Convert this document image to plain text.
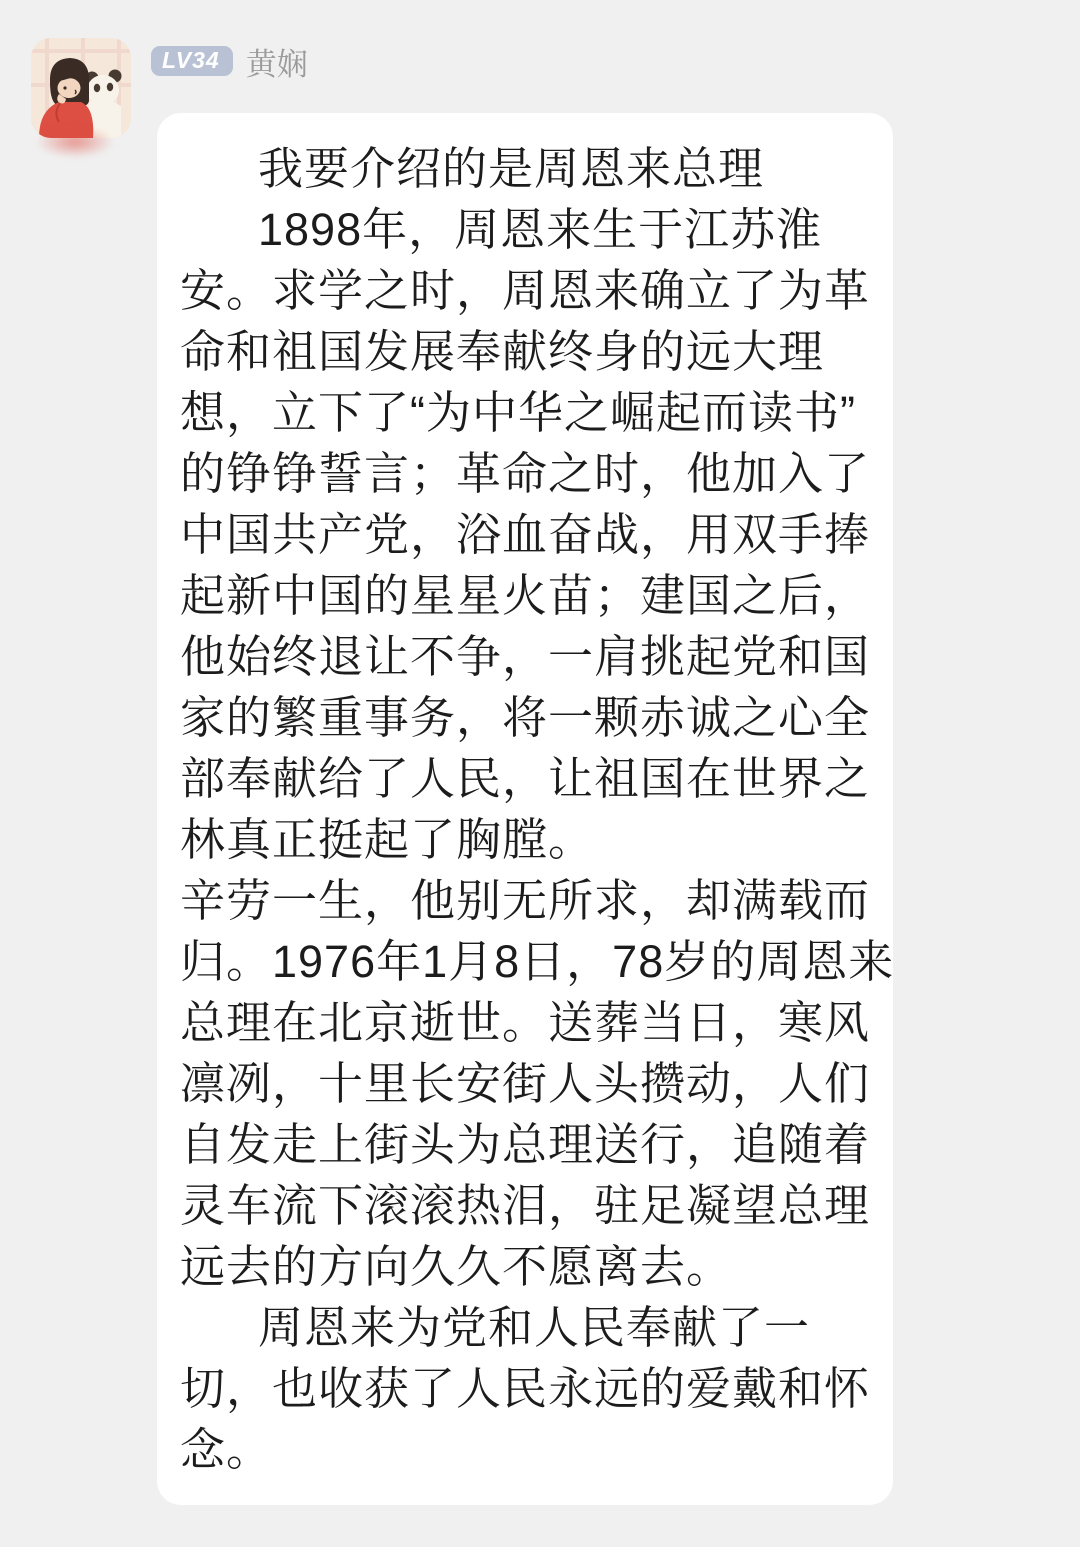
LV34 黄娴
我要介绍的是周恩来总理
1898年，周恩来生于江苏淮
安。求学之时，周恩来确立了为革
命和祖国发展奉献终身的远大理
想，立下了“为中华之崛起而读书”
的铮铮誓言；革命之时，他加入了
中国共产党，浴血奋战，用双手捧
起新中国的星星火苗；建国之后，
他始终退让不争，一肩挑起党和国
家的繁重事务，将一颗赤诚之心全
部奉献给了人民，让祖国在世界之
林真正挺起了胸膛。
辛劳一生，他别无所求，却满载而
归。1976年1月8日，78岁的周恩来
总理在北京逝世。送葬当日，寒风
凛冽，十里长安街人头攒动，人们
自发走上街头为总理送行，追随着
灵车流下滚滚热泪，驻足凝望总理
远去的方向久久不愿离去。
周恩来为党和人民奉献了一
切，也收获了人民永远的爱戴和怀
念。
